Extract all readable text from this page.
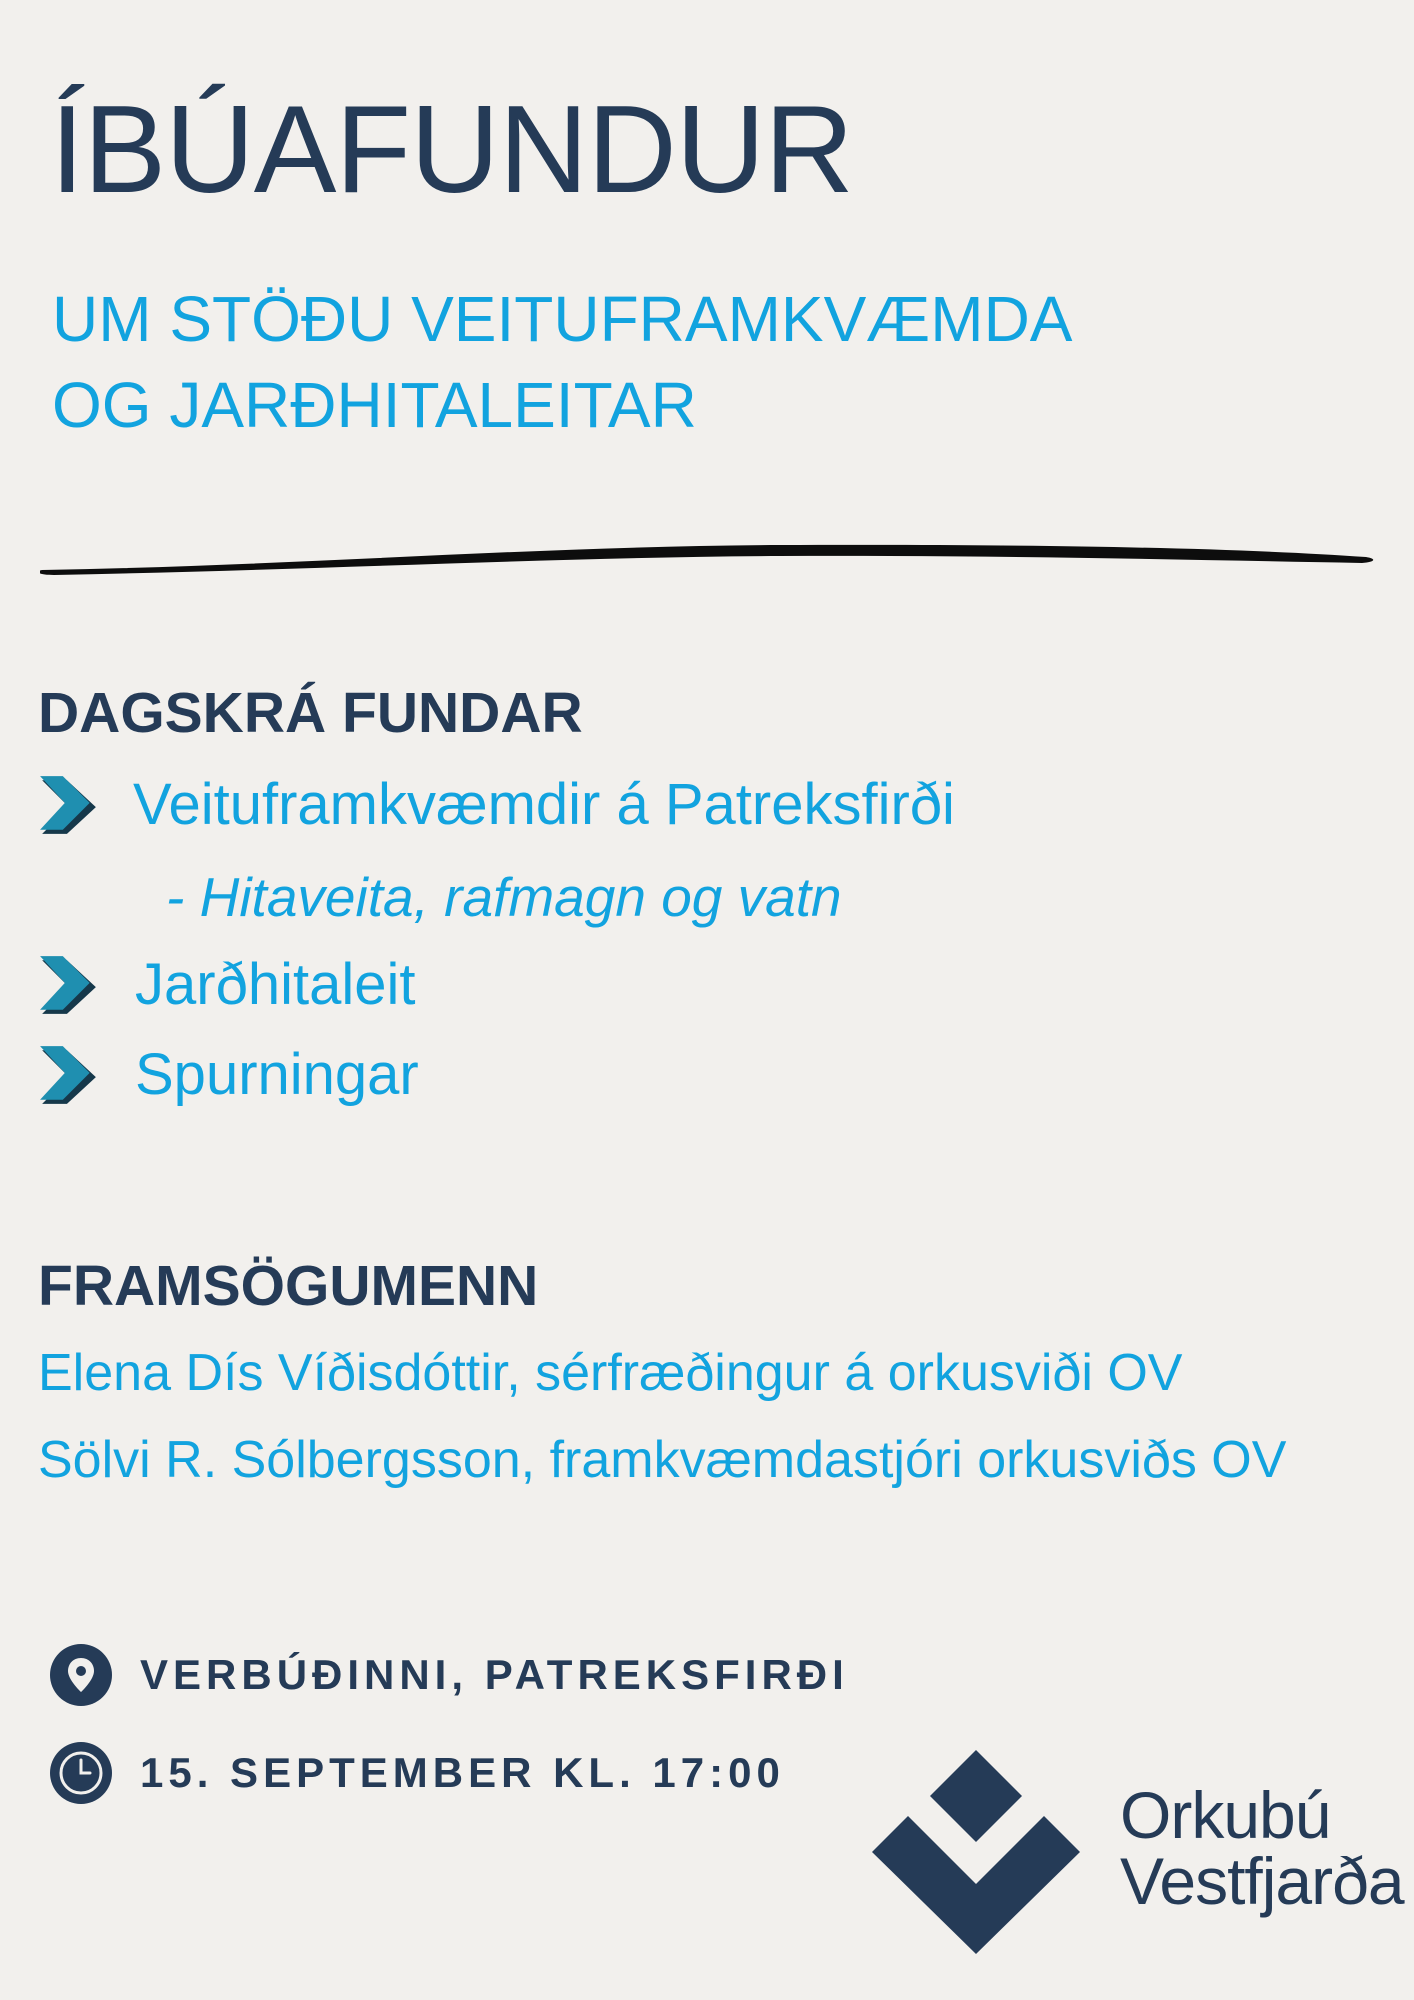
ÍBÚAFUNDUR
UM STÖÐU VEITUFRAMKVÆMDA
OG JARÐHITALEITAR
DAGSKRÁ FUNDAR
Veituframkvæmdir á Patreksfirði
- Hitaveita, rafmagn og vatn
Jarðhitaleit
Spurningar
FRAMSÖGUMENN
Elena Dís Víðisdóttir, sérfræðingur á orkusviði OV
Sölvi R. Sólbergsson, framkvæmdastjóri orkusviðs OV
VERBÚÐINNI, PATREKSFIRÐI
15. SEPTEMBER KL. 17:00
Orkubú
Vestfjarða
